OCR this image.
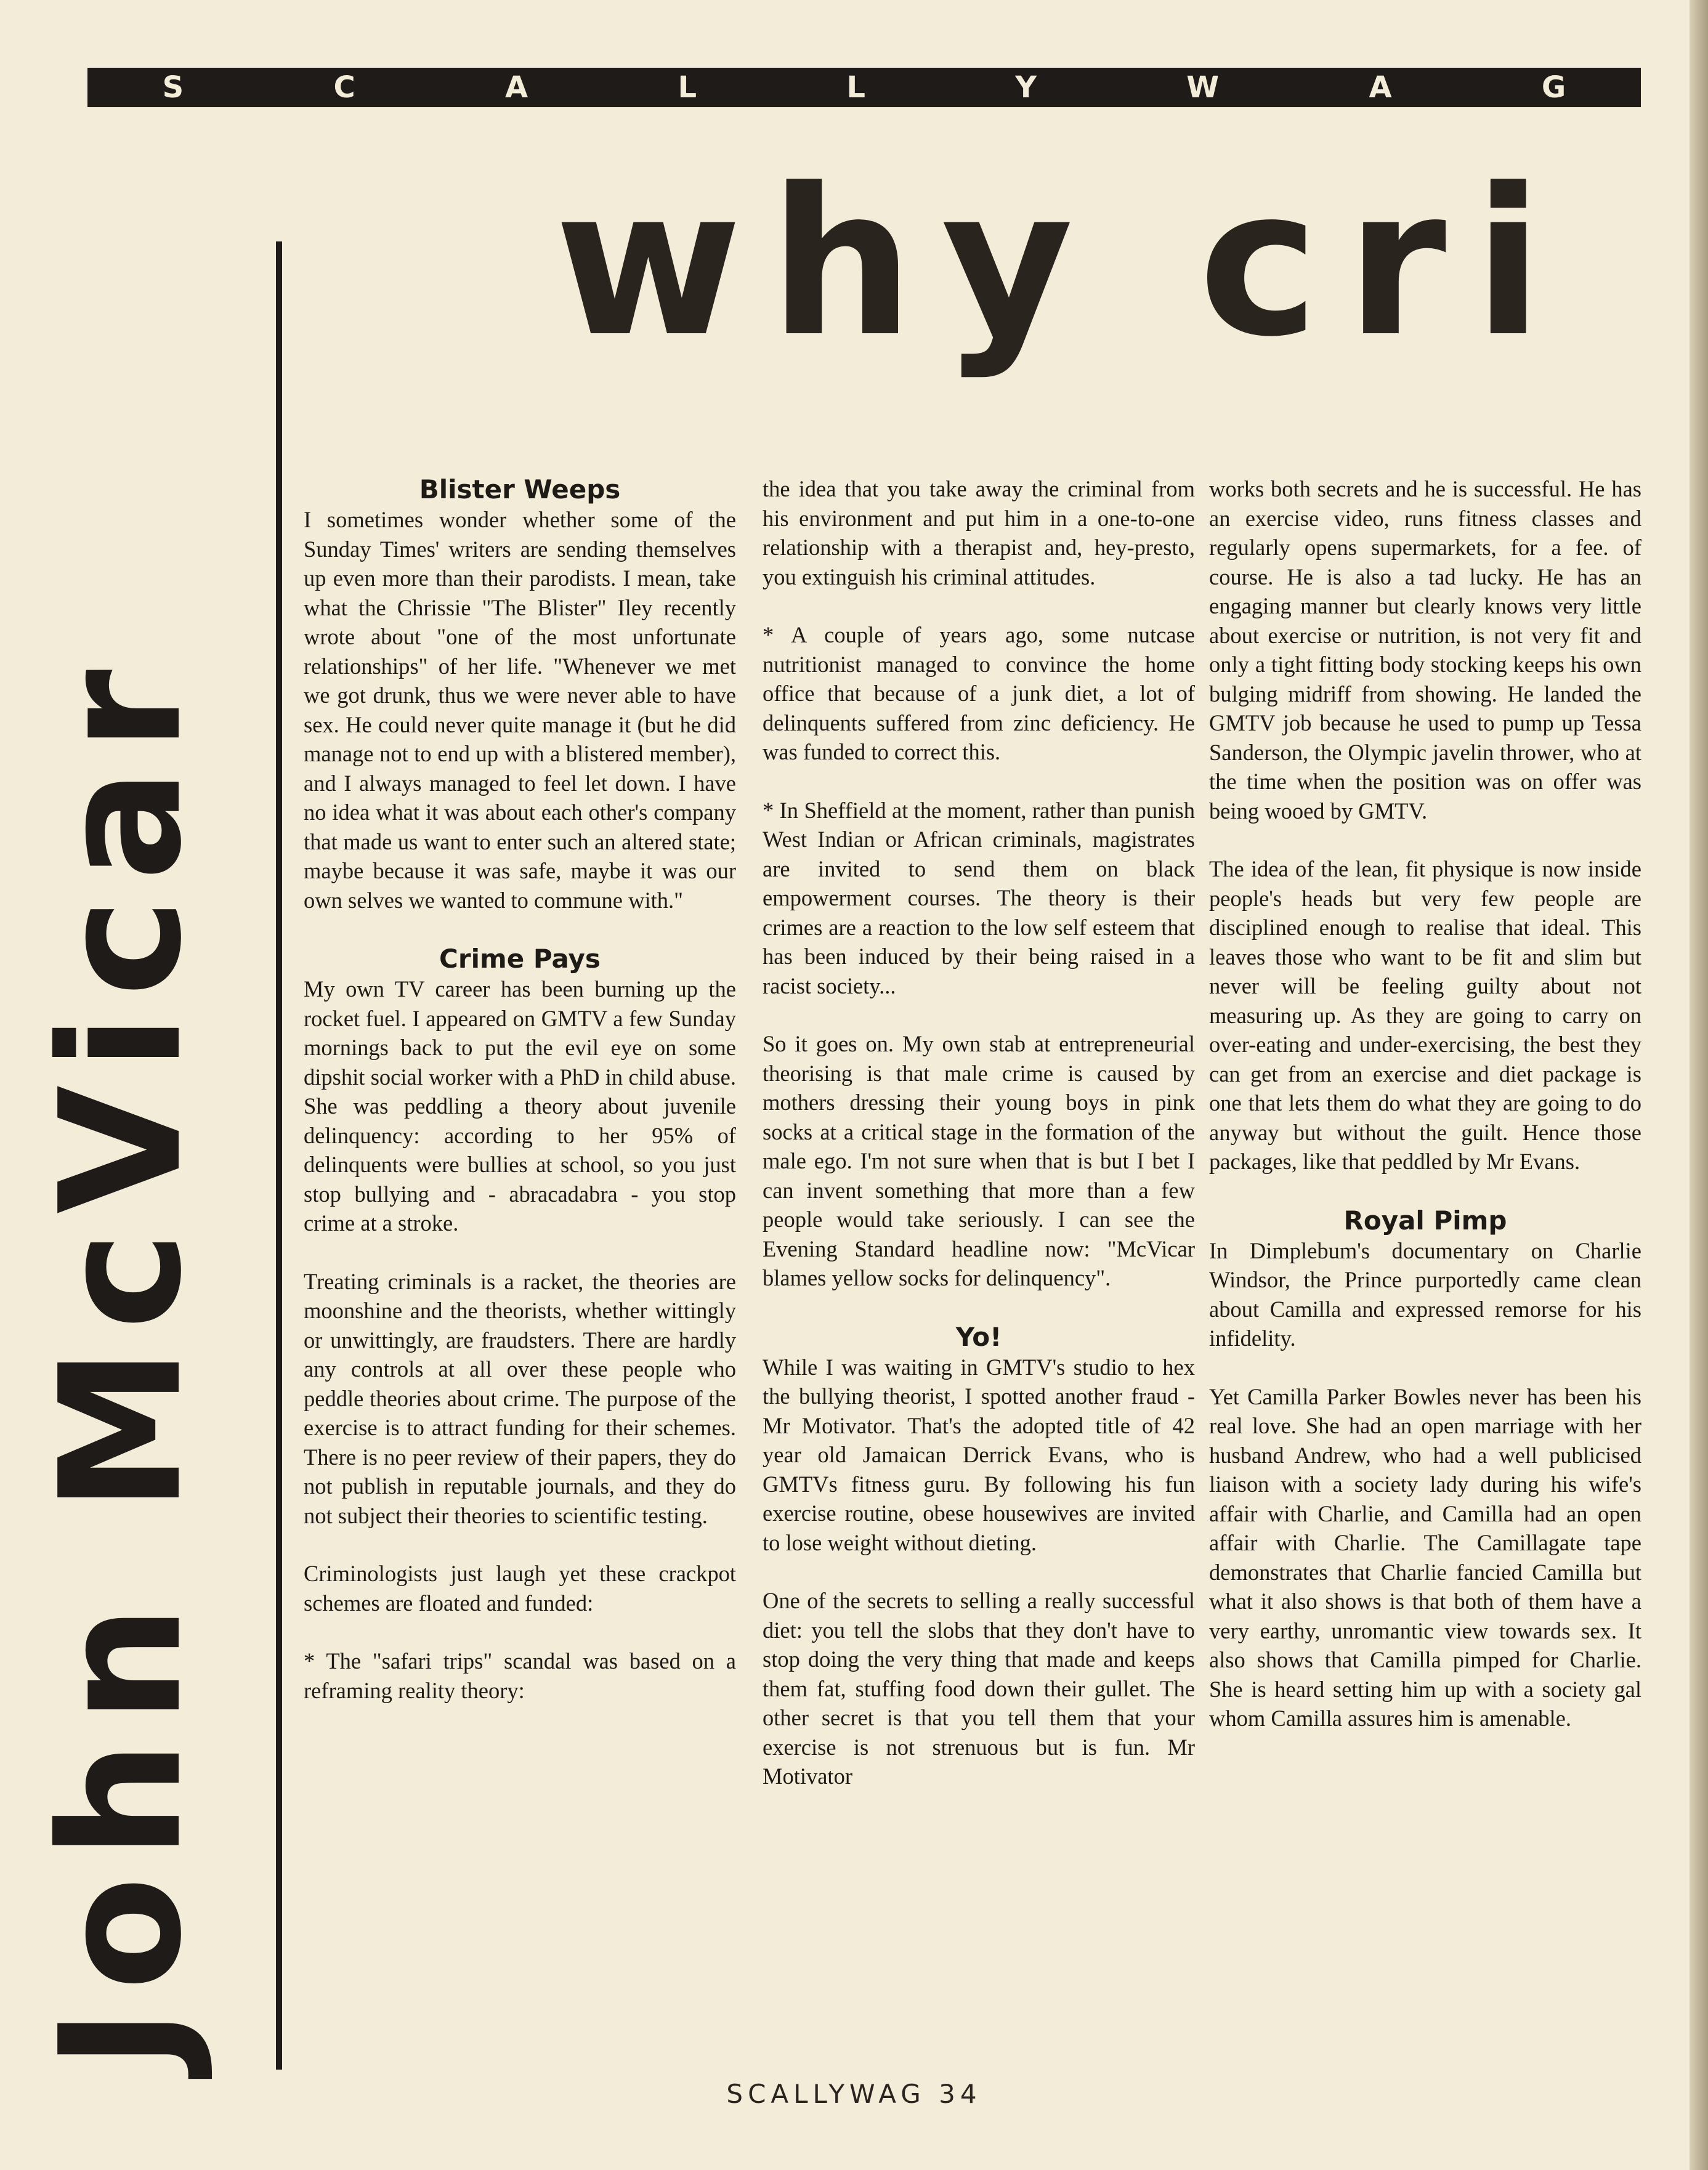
S	C	A	L	L	Y	W	A	G
John McVicar
why cri
Blister Weeps

I sometimes wonder whether some of the Sunday Times' writers are sending themselves up even more than their parodists. I mean, take what the Chrissie "The Blister" Iley recently wrote about "one of the most unfortunate relationships" of her life. "Whenever we met we got drunk, thus we were never able to have sex. He could never quite manage it (but he did manage not to end up with a blistered member), and I always managed to feel let down. I have no idea what it was about each other's company that made us want to enter such an altered state; maybe because it was safe, maybe it was our own selves we wanted to commune with."

Crime Pays

My own TV career has been burning up the rocket fuel. I appeared on GMTV a few Sunday mornings back to put the evil eye on some dipshit social worker with a PhD in child abuse. She was peddling a theory about juvenile delinquency: according to her 95% of delinquents were bullies at school, so you just stop bullying and - abracadabra - you stop crime at a stroke.

Treating criminals is a racket, the theories are moonshine and the theorists, whether wittingly or unwittingly, are fraudsters. There are hardly any controls at all over these people who peddle theories about crime. The purpose of the exercise is to attract funding for their schemes. There is no peer review of their papers, they do not publish in reputable journals, and they do not subject their theories to scientific testing.

Criminologists just laugh yet these crackpot schemes are floated and funded:

* The "safari trips" scandal was based on a reframing reality theory:

the idea that you take away the criminal from his environment and put him in a one-to-one relationship with a therapist and, hey-presto, you extinguish his criminal attitudes.

* A couple of years ago, some nutcase nutritionist managed to convince the home office that because of a junk diet, a lot of delinquents suffered from zinc deficiency. He was funded to correct this.

* In Sheffield at the moment, rather than punish West Indian or African criminals, magistrates are invited to send them on black empowerment courses. The theory is their crimes are a reaction to the low self esteem that has been induced by their being raised in a racist society...

So it goes on. My own stab at entrepreneurial theorising is that male crime is caused by mothers dressing their young boys in pink socks at a critical stage in the formation of the male ego. I'm not sure when that is but I bet I can invent something that more than a few people would take seriously. I can see the Evening Standard headline now: "McVicar blames yellow socks for delinquency".

Yo!

While I was waiting in GMTV's studio to hex the bullying theorist, I spotted another fraud - Mr Motivator. That's the adopted title of 42 year old Jamaican Derrick Evans, who is GMTVs fitness guru. By following his fun exercise routine, obese housewives are invited to lose weight without dieting.

One of the secrets to selling a really successful diet: you tell the slobs that they don't have to stop doing the very thing that made and keeps them fat, stuffing food down their gullet. The other secret is that you tell them that your exercise is not strenuous but is fun. Mr Motivator

works both secrets and he is successful. He has an exercise video, runs fitness classes and regularly opens supermarkets, for a fee. of course. He is also a tad lucky. He has an engaging manner but clearly knows very little about exercise or nutrition, is not very fit and only a tight fitting body stocking keeps his own bulging midriff from showing. He landed the GMTV job because he used to pump up Tessa Sanderson, the Olympic javelin thrower, who at the time when the position was on offer was being wooed by GMTV.

The idea of the lean, fit physique is now inside people's heads but very few people are disciplined enough to realise that ideal. This leaves those who want to be fit and slim but never will be feeling guilty about not measuring up. As they are going to carry on over-eating and under-exercising, the best they can get from an exercise and diet package is one that lets them do what they are going to do anyway but without the guilt. Hence those packages, like that peddled by Mr Evans.

Royal Pimp

In Dimplebum's documentary on Charlie Windsor, the Prince purportedly came clean about Camilla and expressed remorse for his infidelity.

Yet Camilla Parker Bowles never has been his real love. She had an open marriage with her husband Andrew, who had a well publicised liaison with a society lady during his wife's affair with Charlie, and Camilla had an open affair with Charlie. The Camillagate tape demonstrates that Charlie fancied Camilla but what it also shows is that both of them have a very earthy, unromantic view towards sex. It also shows that Camilla pimped for Charlie. She is heard setting him up with a society gal whom Camilla assures him is amenable.

SCALLYWAG 34
